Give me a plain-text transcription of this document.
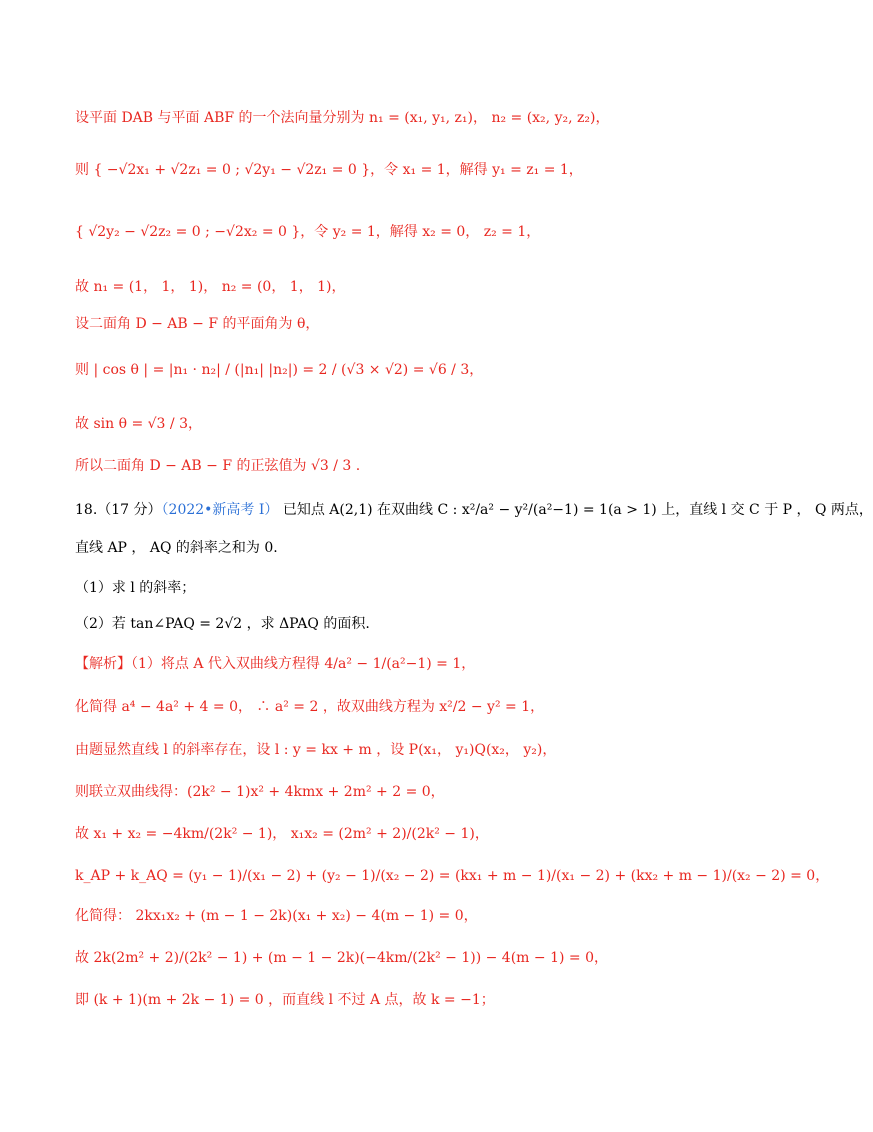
设平面 DAB 与平面 ABF 的一个法向量分别为 n₁ = (x₁, y₁, z₁)， n₂ = (x₂, y₂, z₂)，
则 { −√2x₁ + √2z₁ = 0 ; √2y₁ − √2z₁ = 0 }，令 x₁ = 1，解得 y₁ = z₁ = 1，
{ √2y₂ − √2z₂ = 0 ; −√2x₂ = 0 }，令 y₂ = 1，解得 x₂ = 0， z₂ = 1，
故 n₁ = (1， 1， 1)， n₂ = (0， 1， 1)，
设二面角 D − AB − F 的平面角为 θ，
则 | cos θ | = |n₁ · n₂| / (|n₁| |n₂|) = 2 / (√3 × √2) = √6 / 3，
故 sin θ = √3 / 3，
所以二面角 D − AB − F 的正弦值为 √3 / 3 .
18.（17 分）（2022•新高考 I） 已知点 A(2,1) 在双曲线 C : x²/a² − y²/(a²−1) = 1(a > 1) 上，直线 l 交 C 于 P ， Q 两点，
直线 AP ， AQ 的斜率之和为 0.
（1）求 l 的斜率；
（2）若 tan∠PAQ = 2√2 ，求 ΔPAQ 的面积.
【解析】（1）将点 A 代入双曲线方程得 4/a² − 1/(a²−1) = 1，
化简得 a⁴ − 4a² + 4 = 0， ∴ a² = 2 ，故双曲线方程为 x²/2 − y² = 1，
由题显然直线 l 的斜率存在，设 l : y = kx + m ，设 P(x₁， y₁)Q(x₂， y₂)，
则联立双曲线得：(2k² − 1)x² + 4kmx + 2m² + 2 = 0，
故 x₁ + x₂ = −4km/(2k² − 1)， x₁x₂ = (2m² + 2)/(2k² − 1)，
k_AP + k_AQ = (y₁ − 1)/(x₁ − 2) + (y₂ − 1)/(x₂ − 2) = (kx₁ + m − 1)/(x₁ − 2) + (kx₂ + m − 1)/(x₂ − 2) = 0，
化简得： 2kx₁x₂ + (m − 1 − 2k)(x₁ + x₂) − 4(m − 1) = 0，
故 2k(2m² + 2)/(2k² − 1) + (m − 1 − 2k)(−4km/(2k² − 1)) − 4(m − 1) = 0，
即 (k + 1)(m + 2k − 1) = 0 ，而直线 l 不过 A 点，故 k = −1；
